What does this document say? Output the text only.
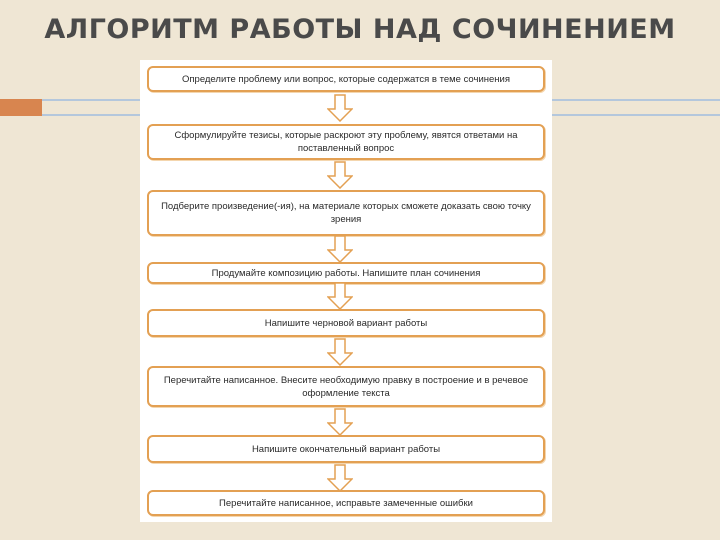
АЛГОРИТМ РАБОТЫ НАД СОЧИНЕНИЕМ
Определите проблему или вопрос, которые содержатся в теме сочинения
Сформулируйте тезисы, которые раскроют эту проблему, явятся ответами на поставленный вопрос
Подберите произведение(-ия), на материале которых сможете доказать свою точку зрения
Продумайте композицию работы. Напишите план сочинения
Напишите черновой вариант работы
Перечитайте написанное. Внесите необходимую правку в построение и в речевое оформление текста
Напишите окончательный вариант работы
Перечитайте написанное, исправьте замеченные ошибки
